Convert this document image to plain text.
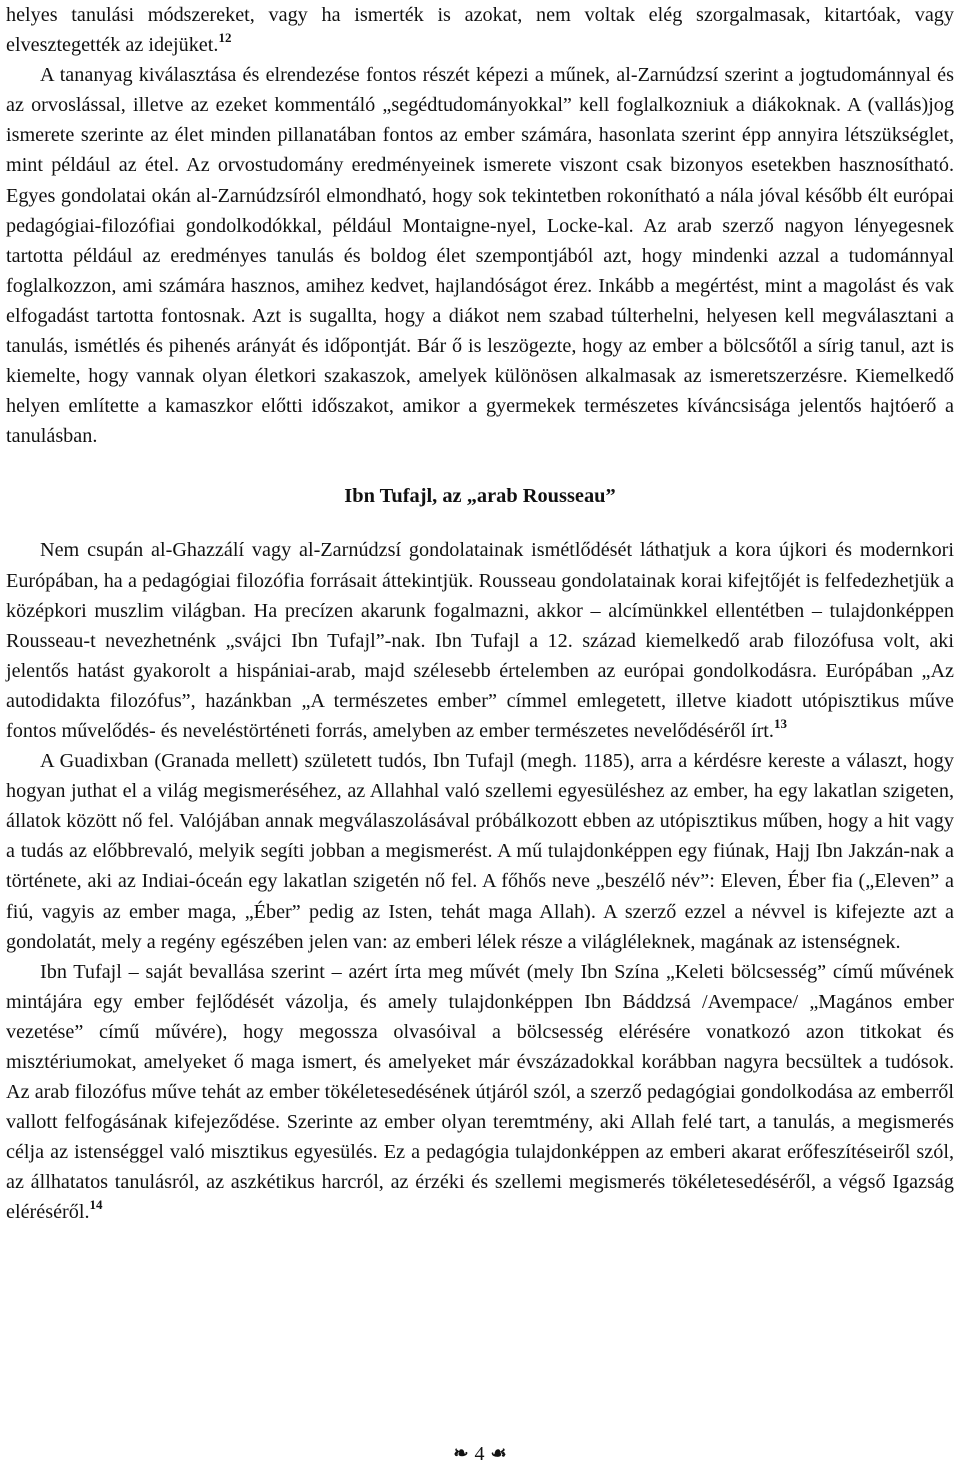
helyes tanulási módszereket, vagy ha ismerték is azokat, nem voltak elég szorgalmasak, kitartóak, vagy elvesztegették az idejüket.$^{12}$

A tananyag kiválasztása és elrendezése fontos részét képezi a műnek, al-Zarnúdzsí szerint a jogtudománnyal és az orvoslással, illetve az ezeket kommentáló „segédtudományokkal” kell foglalkozniuk a diákoknak. A (vallás)jog ismerete szerinte az élet minden pillanatában fontos az ember számára, hasonlata szerint épp annyira létszükséglet, mint például az étel. Az orvostudomány eredményeinek ismerete viszont csak bizonyos esetekben hasznosítható. Egyes gondolatai okán al-Zarnúdzsíról elmondható, hogy sok tekintetben rokonítható a nála jóval később élt európai pedagógiai-filozófiai gondolkodókkal, például Montaigne-nyel, Locke-kal. Az arab szerző nagyon lényegesnek tartotta például az eredményes tanulás és boldog élet szempontjából azt, hogy mindenki azzal a tudománnyal foglalkozzon, ami számára hasznos, amihez kedvet, hajlandóságot érez. Inkább a megértést, mint a magolást és vak elfogadást tartotta fontosnak. Azt is sugallta, hogy a diákot nem szabad túlterhelni, helyesen kell megválasztani a tanulás, ismétlés és pihenés arányát és időpontját. Bár ő is leszögezte, hogy az ember a bölcsőtől a sírig tanul, azt is kiemelte, hogy vannak olyan életkori szakaszok, amelyek különösen alkalmasak az ismeretszerzésre. Kiemelkedő helyen említette a kamaszkor előtti időszakot, amikor a gyermekek természetes kíváncsisága jelentős hajtóerő a tanulásban.

Ibn Tufajl, az „arab Rousseau”

Nem csupán al-Ghazzálí vagy al-Zarnúdzsí gondolatainak ismétlődését láthatjuk a kora újkori és modernkori Európában, ha a pedagógiai filozófia forrásait áttekintjük. Rousseau gondolatainak korai kifejtőjét is felfedezhetjük a középkori muszlim világban. Ha precízen akarunk fogalmazni, akkor – alcímünkkel ellentétben – tulajdonképpen Rousseau-t nevezhetnénk „svájci Ibn Tufajl”-nak. Ibn Tufajl a 12. század kiemelkedő arab filozófusa volt, aki jelentős hatást gyakorolt a hispániai-arab, majd szélesebb értelemben az európai gondolkodásra. Európában „Az autodidakta filozófus”, hazánkban „A természetes ember” címmel emlegetett, illetve kiadott utópisztikus műve fontos művelődés- és neveléstörténeti forrás, amelyben az ember természetes nevelődéséről írt.$^{13}$

A Guadixban (Granada mellett) született tudós, Ibn Tufajl (megh. 1185), arra a kérdésre kereste a választ, hogy hogyan juthat el a világ megismeréséhez, az Allahhal való szellemi egyesüléshez az ember, ha egy lakatlan szigeten, állatok között nő fel. Valójában annak megválaszolásával próbálkozott ebben az utópisztikus műben, hogy a hit vagy a tudás az előbbrevaló, melyik segíti jobban a megismerést. A mű tulajdonképpen egy fiúnak, Hajj Ibn Jakzán-nak a története, aki az Indiai-óceán egy lakatlan szigetén nő fel. A főhős neve „beszélő név”: Eleven, Éber fia („Eleven” a fiú, vagyis az ember maga, „Éber” pedig az Isten, tehát maga Allah). A szerző ezzel a névvel is kifejezte azt a gondolatát, mely a regény egészében jelen van: az emberi lélek része a világléleknek, magának az istenségnek.

Ibn Tufajl – saját bevallása szerint – azért írta meg művét (mely Ibn Szína „Keleti bölcsesség” című művének mintájára egy ember fejlődését vázolja, és amely tulajdonképpen Ibn Báddzsá /Avempace/ „Magános ember vezetése” című művére), hogy megossza olvasóival a bölcsesség elérésére vonatkozó azon titkokat és misztériumokat, amelyeket ő maga ismert, és amelyeket már évszázadokkal korábban nagyra becsültek a tudósok. Az arab filozófus műve tehát az ember tökéletesedésének útjáról szól, a szerző pedagógiai gondolkodása az emberről vallott felfogásának kifejeződése. Szerinte az ember olyan teremtmény, aki Allah felé tart, a tanulás, a megismerés célja az istenséggel való misztikus egyesülés. Ez a pedagógia tulajdonképpen az emberi akarat erőfeszítéseiről szól, az állhatatos tanulásról, az aszkétikus harcról, az érzéki és szellemi megismerés tökéletesedéséről, a végső Igazság eléréséről.$^{14}$

❧ 4 ☙
